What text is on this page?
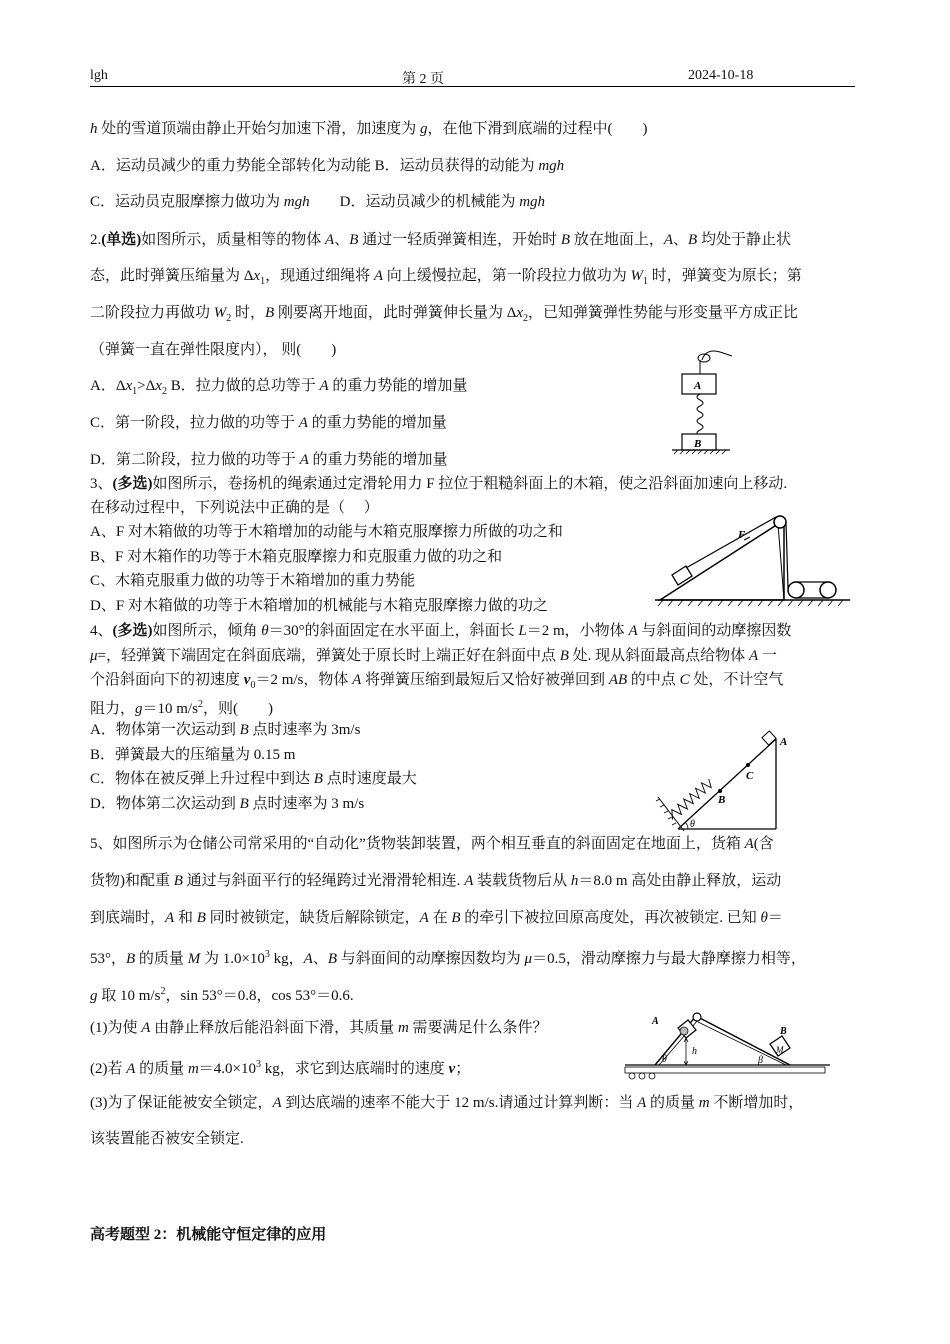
lgh	第 2 页	2024-10-18
h 处的雪道顶端由静止开始匀加速下滑，加速度为 g，在他下滑到底端的过程中(　　)
A．运动员减少的重力势能全部转化为动能 B．运动员获得的动能为 mgh
C．运动员克服摩擦力做功为 mgh　　D．运动员减少的机械能为 mgh
2.(单选)如图所示，质量相等的物体 A、B 通过一轻质弹簧相连，开始时 B 放在地面上，A、B 均处于静止状
态，此时弹簧压缩量为 $\Delta x_1$，现通过细绳将 A 向上缓慢拉起，第一阶段拉力做功为 $W_1$ 时，弹簧变为原长；第
二阶段拉力再做功 $W_2$ 时，B 刚要离开地面，此时弹簧伸长量为 $\Delta x_2$，已知弹簧弹性势能与形变量平方成正比
（弹簧一直在弹性限度内）， 则(　　)
A．$\Delta x_1>\Delta x_2$ B．拉力做的总功等于 A 的重力势能的增加量
C．第一阶段，拉力做的功等于 A 的重力势能的增加量
D．第二阶段，拉力做的功等于 A 的重力势能的增加量
A
B
3、(多选)如图所示，卷扬机的绳索通过定滑轮用力 F 拉位于粗糙斜面上的木箱，使之沿斜面加速向上移动.
在移动过程中，下列说法中正确的是（　 ）
A、F 对木箱做的功等于木箱增加的动能与木箱克服摩擦力所做的功之和
B、F 对木箱作的功等于木箱克服摩擦力和克服重力做的功之和
C、木箱克服重力做的功等于木箱增加的重力势能
D、F 对木箱做的功等于木箱增加的机械能与木箱克服摩擦力做的功之
F
4、(多选)如图所示，倾角 θ＝30°的斜面固定在水平面上，斜面长 L＝2 m，小物体 A 与斜面间的动摩擦因数
μ=，轻弹簧下端固定在斜面底端，弹簧处于原长时上端正好在斜面中点 B 处. 现从斜面最高点给物体 A 一
个沿斜面向下的初速度 $v_0=2$ m/s，物体 A 将弹簧压缩到最短后又恰好被弹回到 AB 的中点 C 处，不计空气
阻力，g＝10 $m/s^2$，则(　　)
A．物体第一次运动到 B 点时速率为 3m/s
B．弹簧最大的压缩量为 0.15 m
C．物体在被反弹上升过程中到达 B 点时速度最大
D．物体第二次运动到 B 点时速率为 3 m/s
A
B
C
θ
5、如图所示为仓储公司常采用的“自动化”货物装卸装置，两个相互垂直的斜面固定在地面上，货箱 A(含
货物)和配重 B 通过与斜面平行的轻绳跨过光滑滑轮相连. A 装载货物后从 h＝8.0 m 高处由静止释放，运动
到底端时，A 和 B 同时被锁定，缺货后解除锁定，A 在 B 的牵引下被拉回原高度处，再次被锁定. 已知 θ＝
53°，B 的质量 M 为 $1.0\times 10^3$ kg，A、B 与斜面间的动摩擦因数均为 μ＝0.5，滑动摩擦力与最大静摩擦力相等，
g 取 10 $m/s^2$，sin 53°＝0.8，cos 53°＝0.6.
(1)为使 A 由静止释放后能沿斜面下滑，其质量 m 需要满足什么条件？
(2)若 A 的质量 $m=4.0\times 10^3$ kg，求它到达底端时的速度 v；
(3)为了保证能被安全锁定，A 到达底端的速率不能大于 12 m/s.请通过计算判断：当 A 的质量 m 不断增加时，
该装置能否被安全锁定.
A
B
M
h
θ	β
高考题型 2：机械能守恒定律的应用
